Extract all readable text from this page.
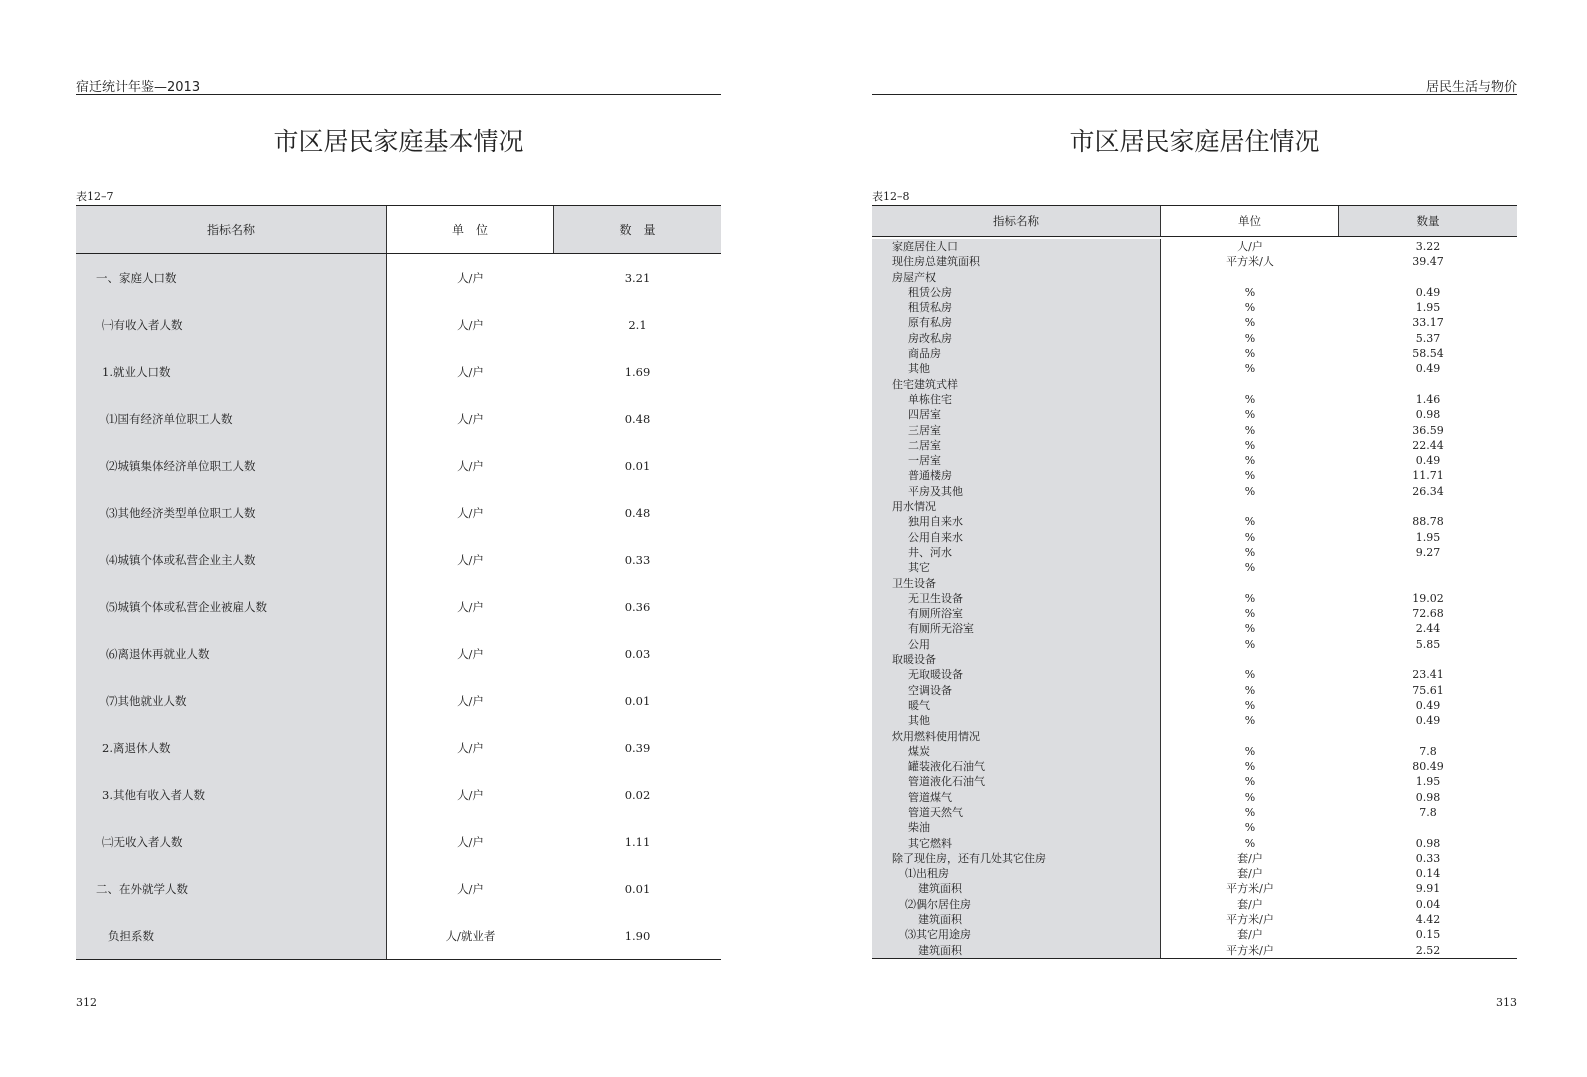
宿迁统计年鉴—2013
市区居民家庭基本情况
表12–7
指标名称	单　位	数　量
一、家庭人口数	人/户	3.21
㈠有收入者人数	人/户	2.1
1.就业人口数	人/户	1.69
⑴国有经济单位职工人数	人/户	0.48
⑵城镇集体经济单位职工人数	人/户	0.01
⑶其他经济类型单位职工人数	人/户	0.48
⑷城镇个体或私营企业主人数	人/户	0.33
⑸城镇个体或私营企业被雇人数	人/户	0.36
⑹离退休再就业人数	人/户	0.03
⑺其他就业人数	人/户	0.01
2.离退休人数	人/户	0.39
3.其他有收入者人数	人/户	0.02
㈡无收入者人数	人/户	1.11
二、在外就学人数	人/户	0.01
负担系数	人/就业者	1.90
312
居民生活与物价
市区居民家庭居住情况
表12–8
指标名称	单位	数量
家庭居住人口	人/户	3.22
现住房总建筑面积	平方米/人	39.47
房屋产权
租赁公房	%	0.49
租赁私房	%	1.95
原有私房	%	33.17
房改私房	%	5.37
商品房	%	58.54
其他	%	0.49
住宅建筑式样
单栋住宅	%	1.46
四居室	%	0.98
三居室	%	36.59
二居室	%	22.44
一居室	%	0.49
普通楼房	%	11.71
平房及其他	%	26.34
用水情况
独用自来水	%	88.78
公用自来水	%	1.95
井、河水	%	9.27
其它	%
卫生设备
无卫生设备	%	19.02
有厕所浴室	%	72.68
有厕所无浴室	%	2.44
公用	%	5.85
取暖设备
无取暖设备	%	23.41
空调设备	%	75.61
暖气	%	0.49
其他	%	0.49
炊用燃料使用情况
煤炭	%	7.8
罐装液化石油气	%	80.49
管道液化石油气	%	1.95
管道煤气	%	0.98
管道天然气	%	7.8
柴油	%
其它燃料	%	0.98
除了现住房，还有几处其它住房	套/户	0.33
⑴出租房	套/户	0.14
建筑面积	平方米/户	9.91
⑵偶尔居住房	套/户	0.04
建筑面积	平方米/户	4.42
⑶其它用途房	套/户	0.15
建筑面积	平方米/户	2.52
313
